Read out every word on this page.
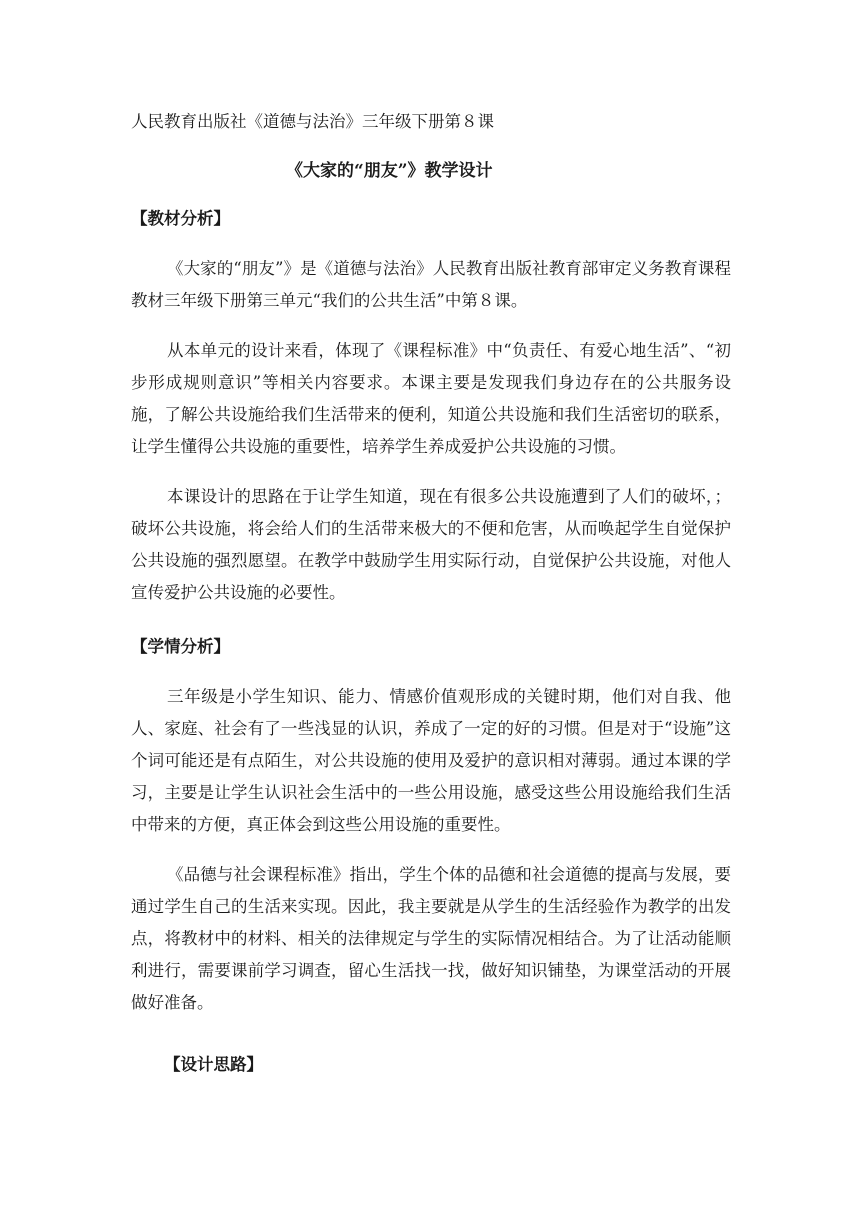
人民教育出版社《道德与法治》三年级下册第８课
《大家的“朋友”》教学设计
【教材分析】
《大家的“朋友”》是《道德与法治》人民教育出版社教育部审定义务教育课程教材三年级下册第三单元“我们的公共生活”中第８课。
从本单元的设计来看，体现了《课程标准》中“负责任、有爱心地生活”、“初步形成规则意识”等相关内容要求。本课主要是发现我们身边存在的公共服务设施，了解公共设施给我们生活带来的便利，知道公共设施和我们生活密切的联系，让学生懂得公共设施的重要性，培养学生养成爱护公共设施的习惯。
本课设计的思路在于让学生知道，现在有很多公共设施遭到了人们的破坏，；破坏公共设施，将会给人们的生活带来极大的不便和危害，从而唤起学生自觉保护公共设施的强烈愿望。在教学中鼓励学生用实际行动，自觉保护公共设施，对他人宣传爱护公共设施的必要性。
【学情分析】
三年级是小学生知识、能力、情感价值观形成的关键时期，他们对自我、他人、家庭、社会有了一些浅显的认识，养成了一定的好的习惯。但是对于“设施”这个词可能还是有点陌生，对公共设施的使用及爱护的意识相对薄弱。通过本课的学习，主要是让学生认识社会生活中的一些公用设施，感受这些公用设施给我们生活中带来的方便，真正体会到这些公用设施的重要性。
《品德与社会课程标准》指出，学生个体的品德和社会道德的提高与发展，要通过学生自己的生活来实现。因此，我主要就是从学生的生活经验作为教学的出发点，将教材中的材料、相关的法律规定与学生的实际情况相结合。为了让活动能顺利进行，需要课前学习调查，留心生活找一找，做好知识铺垫，为课堂活动的开展做好准备。
【设计思路】
